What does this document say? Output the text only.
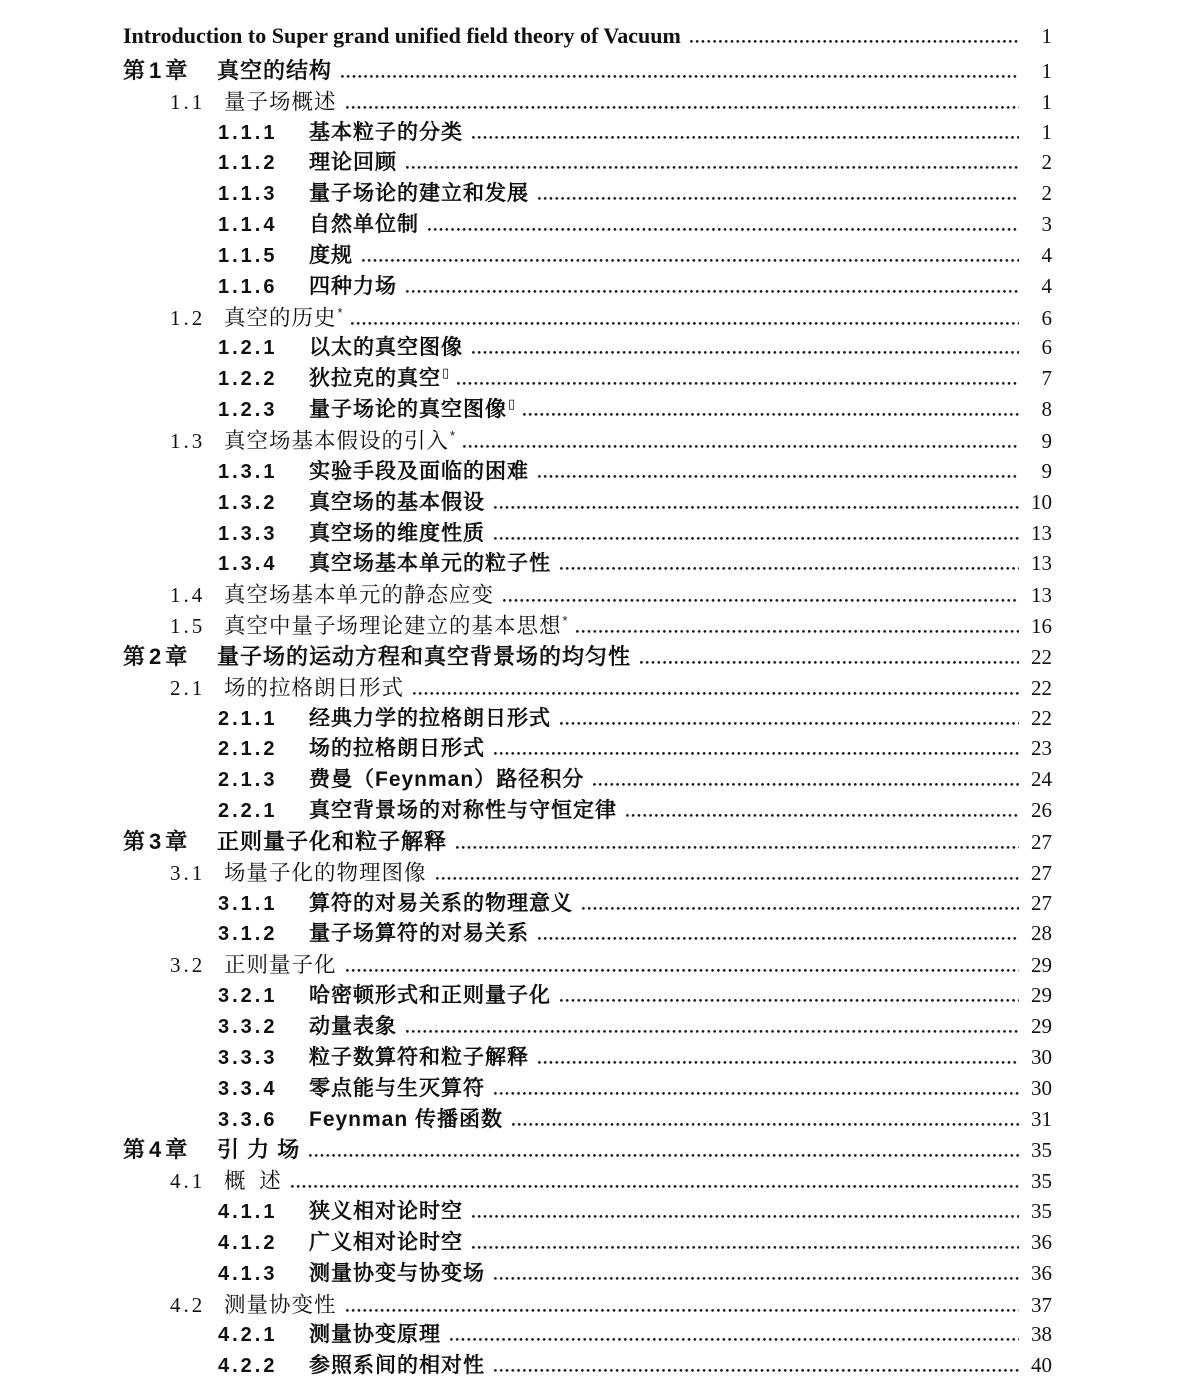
Introduction to Super grand unified field theory of Vacuum	1
第1章 真空的结构	1
1.1 量子场概述	1
1.1.1	基本粒子的分类	1
1.1.2	理论回顾	2
1.1.3	量子场论的建立和发展	2
1.1.4	自然单位制	3
1.1.5	度规	4
1.1.6	四种力场	4
1.2 真空的历史 *	6
1.2.1	以太的真空图像	6
1.2.2	狄拉克的真空 ▯	7
1.2.3	量子场论的真空图像 ▯	8
1.3 真空场基本假设的引入 *	9
1.3.1	实验手段及面临的困难	9
1.3.2	真空场的基本假设	10
1.3.3	真空场的维度性质	13
1.3.4	真空场基本单元的粒子性	13
1.4 真空场基本单元的静态应变	13
1.5 真空中量子场理论建立的基本思想 *	16
第2章 量子场的运动方程和真空背景场的均匀性	22
2.1 场的拉格朗日形式	22
2.1.1	经典力学的拉格朗日形式	22
2.1.2	场的拉格朗日形式	23
2.1.3	费曼（Feynman）路径积分	24
2.2.1	真空背景场的对称性与守恒定律	26
第3章 正则量子化和粒子解释	27
3.1 场量子化的物理图像	27
3.1.1	算符的对易关系的物理意义	27
3.1.2	量子场算符的对易关系	28
3.2 正则量子化	29
3.2.1	哈密顿形式和正则量子化	29
3.3.2	动量表象	29
3.3.3	粒子数算符和粒子解释	30
3.3.4	零点能与生灭算符	30
3.3.6	Feynman 传播函数	31
第4章 引 力 场	35
4.1 概  述	35
4.1.1	狭义相对论时空	35
4.1.2	广义相对论时空	36
4.1.3	测量协变与协变场	36
4.2 测量协变性	37
4.2.1	测量协变原理	38
4.2.2	参照系间的相对性	40
